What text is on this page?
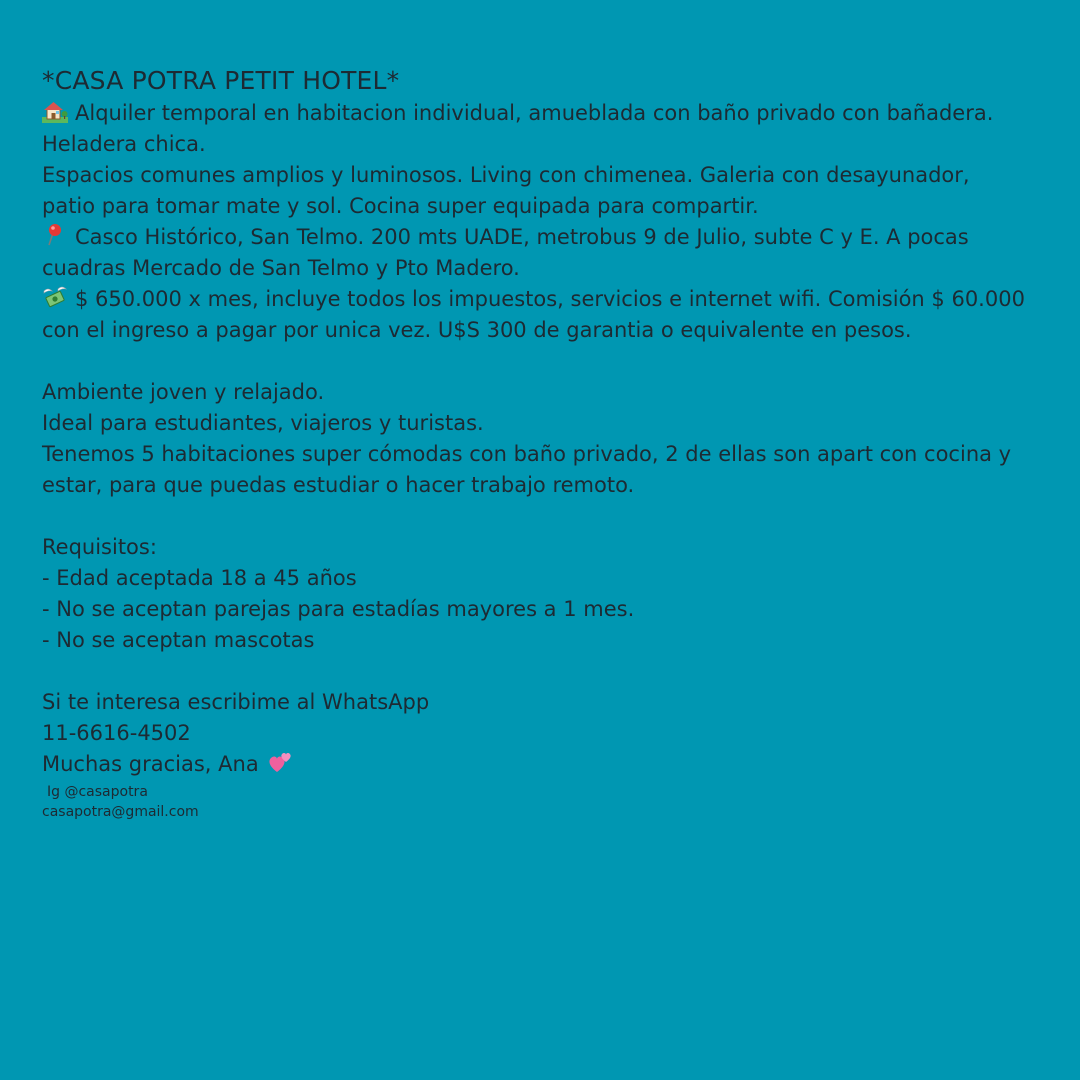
*CASA POTRA PETIT HOTEL*
Alquiler temporal en habitacion individual, amueblada con baño privado con bañadera.
Heladera chica.
Espacios comunes amplios y luminosos. Living con chimenea. Galeria con desayunador,
patio para tomar mate y sol. Cocina super equipada para compartir.
Casco Histórico, San Telmo. 200 mts UADE, metrobus 9 de Julio, subte C y E. A pocas
cuadras Mercado de San Telmo y Pto Madero.
$ 650.000 x mes, incluye todos los impuestos, servicios e internet wifi. Comisión $ 60.000
con el ingreso a pagar por unica vez. U$S 300 de garantia o equivalente en pesos.
Ambiente joven y relajado.
Ideal para estudiantes, viajeros y turistas.
Tenemos 5 habitaciones super cómodas con baño privado, 2 de ellas son apart con cocina y
estar, para que puedas estudiar o hacer trabajo remoto.
Requisitos:
- Edad aceptada 18 a 45 años
- No se aceptan parejas para estadías mayores a 1 mes.
- No se aceptan mascotas
Si te interesa escribime al WhatsApp
11-6616-4502
Muchas gracias, Ana
Ig @casapotra
casapotra@gmail.com
